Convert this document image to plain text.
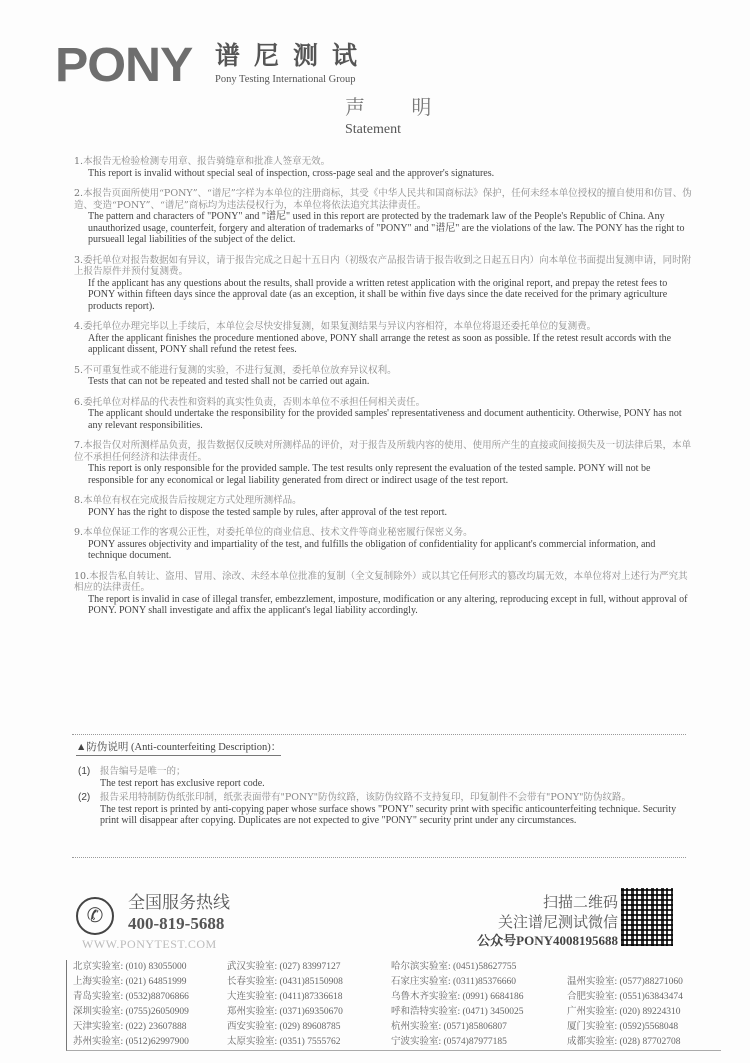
PONY 谱尼测试
Pony Testing International Group
声 明
Statement
1.本报告无检验检测专用章、报告骑缝章和批准人签章无效。
This report is invalid without special seal of inspection, cross-page seal and the approver's signatures.
2.本报告页面所使用“PONY”、“谱尼”字样为本单位的注册商标，其受《中华人民共和国商标法》保护，任何未经本单位授权的擅自使用和仿冒、伪造、变造“PONY”、“谱尼”商标均为违法侵权行为，本单位将依法追究其法律责任。
The pattern and characters of "PONY" and "谱尼" used in this report are protected by the trademark law of the People's Republic of China. Any unauthorized usage, counterfeit, forgery and alteration of trademarks of "PONY" and "谱尼" are the violations of the law. The PONY has the right to pursueall legal liabilities of the subject of the delict.
3.委托单位对报告数据如有异议，请于报告完成之日起十五日内（初级农产品报告请于报告收到之日起五日内）向本单位书面提出复测申请，同时附上报告原件并预付复测费。
If the applicant has any questions about the results, shall provide a written retest application with the original report, and prepay the retest fees to PONY within fifteen days since the approval date (as an exception, it shall be within five days since the date received for the primary agriculture products report).
4.委托单位办理完毕以上手续后，本单位会尽快安排复测，如果复测结果与异议内容相符，本单位将退还委托单位的复测费。
After the applicant finishes the procedure mentioned above, PONY shall arrange the retest as soon as possible. If the retest result accords with the applicant dissent, PONY shall refund the retest fees.
5.不可重复性或不能进行复测的实验，不进行复测，委托单位放弃异议权利。
Tests that can not be repeated and tested shall not be carried out again.
6.委托单位对样品的代表性和资料的真实性负责，否则本单位不承担任何相关责任。
The applicant should undertake the responsibility for the provided samples' representativeness and document authenticity. Otherwise, PONY has not any relevant responsibilities.
7.本报告仅对所测样品负责，报告数据仅反映对所测样品的评价，对于报告及所载内容的使用、使用所产生的直接或间接损失及一切法律后果，本单位不承担任何经济和法律责任。
This report is only responsible for the provided sample. The test results only represent the evaluation of the tested sample. PONY will not be responsible for any economical or legal liability generated from direct or indirect usage of the test report.
8.本单位有权在完成报告后按规定方式处理所测样品。
PONY has the right to dispose the tested sample by rules, after approval of the test report.
9.本单位保证工作的客观公正性，对委托单位的商业信息、技术文件等商业秘密履行保密义务。
PONY assures objectivity and impartiality of the test, and fulfills the obligation of confidentiality for applicant's commercial information, and technique document.
10.本报告私自转让、盗用、冒用、涂改、未经本单位批准的复制（全文复制除外）或以其它任何形式的篡改均属无效，本单位将对上述行为严究其相应的法律责任。
The report is invalid in case of illegal transfer, embezzlement, imposture, modification or any altering, reproducing except in full, without approval of PONY. PONY shall investigate and affix the applicant's legal liability accordingly.
▲防伪说明 (Anti-counterfeiting Description)：
(1)	报告编号是唯一的；
The test report has exclusive report code.
(2)	报告采用特制防伪纸张印制，纸张表面带有"PONY"防伪纹路，该防伪纹路不支持复印，印复制件不会带有"PONY"防伪纹路。
The test report is printed by anti-copying paper whose surface shows "PONY" security print with specific anticounterfeiting technique. Security print will disappear after copying. Duplicates are not expected to give "PONY" security print under any circumstances.
✆
全国服务热线
400-819-5688
WWW.PONYTEST.COM
扫描二维码
关注谱尼测试微信
公众号PONY4008195688
北京实验室: (010) 83055000	武汉实验室: (027) 83997127	哈尔滨实验室: (0451)58627755
上海实验室: (021) 64851999	长春实验室: (0431)85150908	石家庄实验室: (0311)85376660	温州实验室: (0577)88271060
青岛实验室: (0532)88706866	大连实验室: (0411)87336618	乌鲁木齐实验室: (0991) 6684186	合肥实验室: (0551)63843474
深圳实验室: (0755)26050909	郑州实验室: (0371)69350670	呼和浩特实验室: (0471) 3450025	广州实验室: (020) 89224310
天津实验室: (022) 23607888	西安实验室: (029) 89608785	杭州实验室: (0571)85806807	厦门实验室: (0592)5568048
苏州实验室: (0512)62997900	太原实验室: (0351) 7555762	宁波实验室: (0574)87977185	成都实验室: (028) 87702708
